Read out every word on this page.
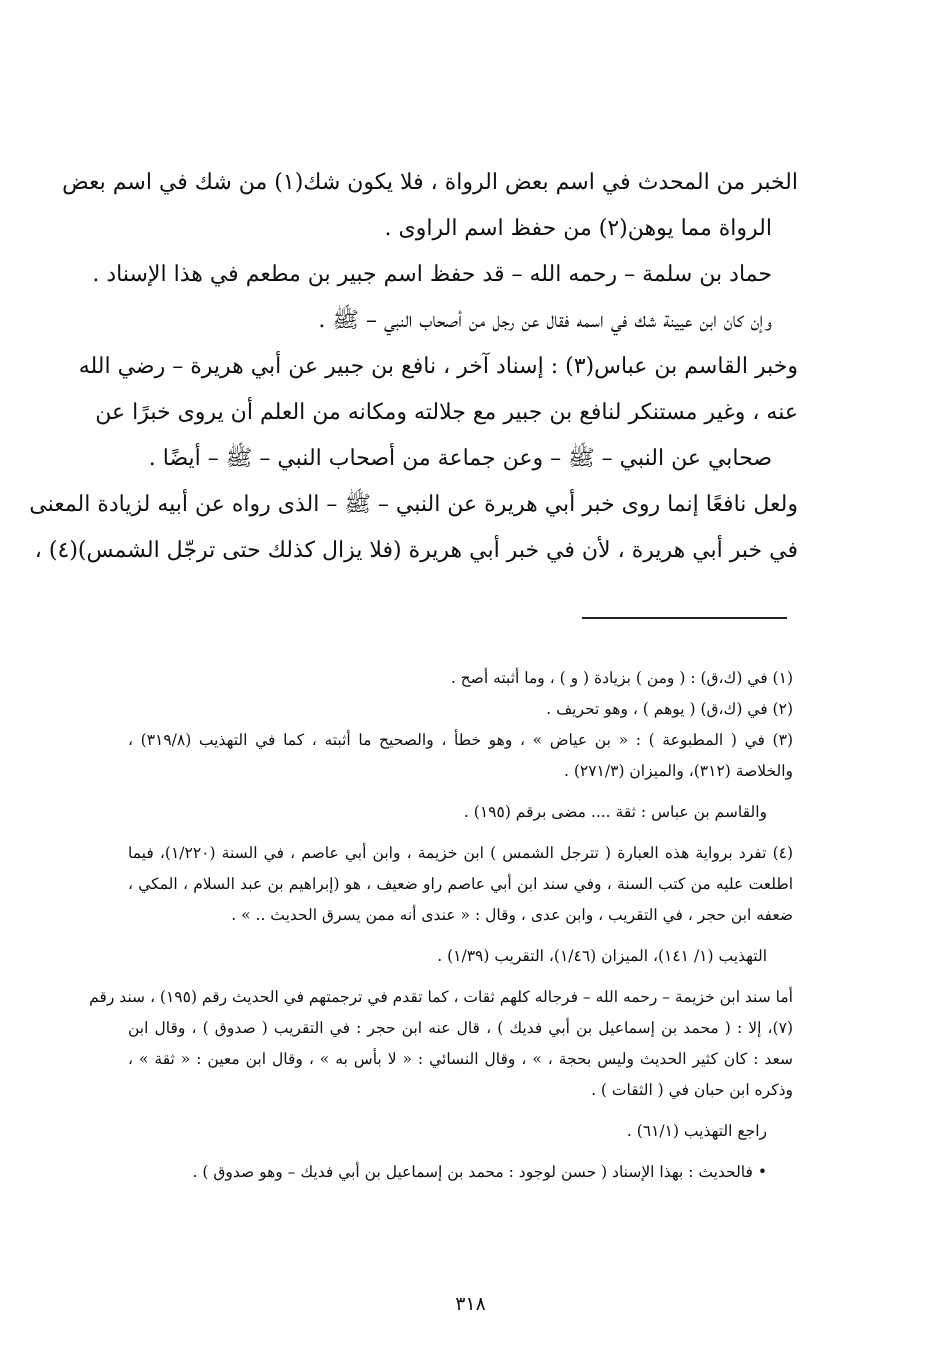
الخبر من المحدث في اسم بعض الرواة ، فلا يكون شك(١) من شك في اسم بعض
الرواة مما يوهن(٢) من حفظ اسم الراوى .
حماد بن سلمة – رحمه الله – قد حفظ اسم جبير بن مطعم في هذا الإسناد .
وإن كان ابن عيينة شك في اسمه فقال عن رجل من أصحاب النبي – ﷺ .
وخبر القاسم بن عباس(٣) : إسناد آخر ، نافع بن جبير عن أبي هريرة – رضي الله
عنه ، وغير مستنكر لنافع بن جبير مع جلالته ومكانه من العلم أن يروى خبرًا عن
صحابي عن النبي – ﷺ – وعن جماعة من أصحاب النبي – ﷺ – أيضًا .
ولعل نافعًا إنما روى خبر أبي هريرة عن النبي – ﷺ – الذى رواه عن أبيه لزيادة المعنى
في خبر أبي هريرة ، لأن في خبر أبي هريرة (فلا يزال كذلك حتى ترجّل الشمس)(٤) ،
(١) في (ك،ق) : ( ومن ) بزيادة ( و ) ، وما أثبته أصح .
(٢) في (ك،ق) ( يوهم ) ، وهو تحريف .
(٣) في ( المطبوعة ) : « بن عياض » ، وهو خطأ ، والصحيح ما أثبته ، كما في التهذيب (٣١٩/٨) ،
والخلاصة (٣١٢)، والميزان (٢٧١/٣) .
والقاسم بن عباس : ثقة .... مضى برقم (١٩٥) .
(٤) تفرد برواية هذه العبارة ( تترجل الشمس ) ابن خزيمة ، وابن أبي عاصم ، في السنة (١/٢٢٠)، فيما
اطلعت عليه من كتب السنة ، وفي سند ابن أبي عاصم راو ضعيف ، هو (إبراهيم بن عبد السلام ، المكي ،
ضعفه ابن حجر ، في التقريب ، وابن عدى ، وقال : « عندى أنه ممن يسرق الحديث .. » .
التهذيب (١/ ١٤١)، الميزان (١/٤٦)، التقريب (١/٣٩) .
أما سند ابن خزيمة – رحمه الله – فرجاله كلهم ثقات ، كما تقدم في ترجمتهم في الحديث رقم (١٩٥) ، سند رقم
(٧)، إلا : ( محمد بن إسماعيل بن أبي فديك ) ، قال عنه ابن حجر : في التقريب ( صدوق ) ، وقال ابن
سعد : كان كثير الحديث وليس بحجة ، » ، وقال النسائي : « لا بأس به » ، وقال ابن معين : « ثقة » ،
وذكره ابن حبان في ( الثقات ) .
راجع التهذيب (٦١/١) .
• فالحديث : بهذا الإسناد ( حسن لوجود : محمد بن إسماعيل بن أبي فديك – وهو صدوق ) .
٣١٨
